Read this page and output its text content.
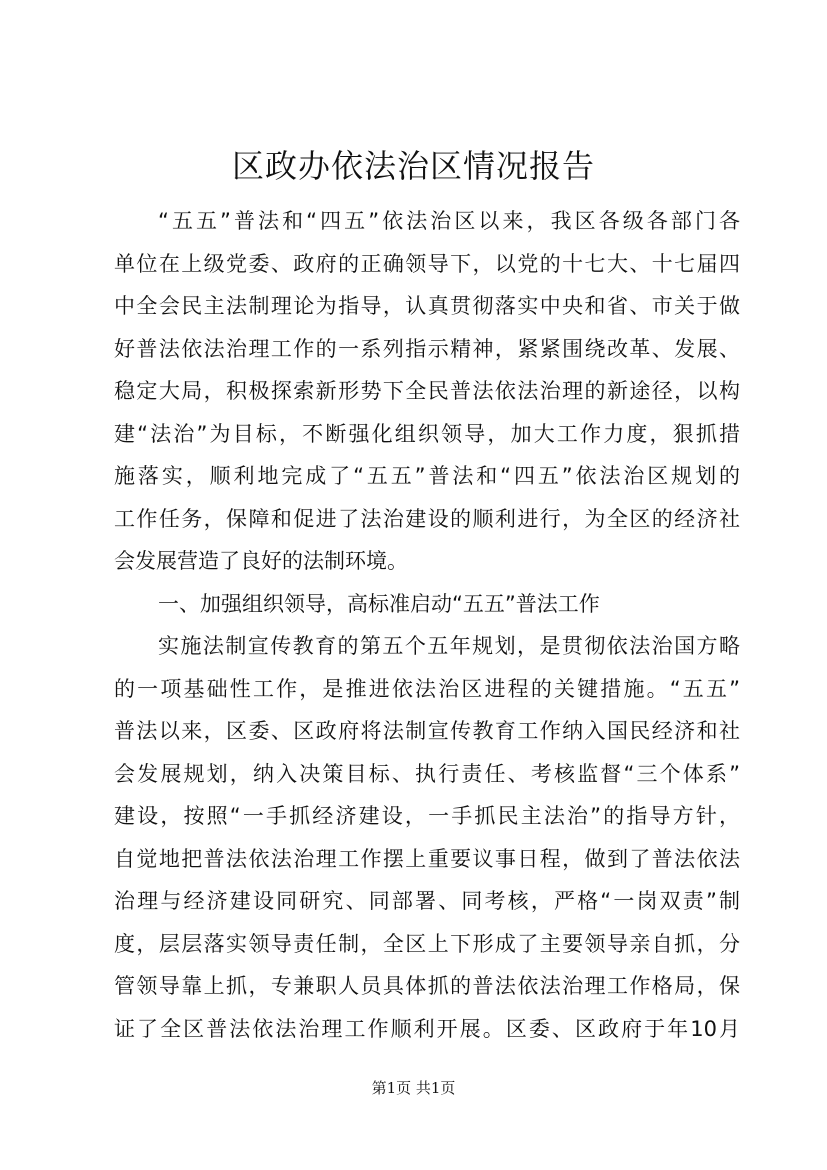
区政办依法治区情况报告
“五五”普法和“四五”依法治区以来，我区各级各部门各
单位在上级党委、政府的正确领导下，以党的十七大、十七届四
中全会民主法制理论为指导，认真贯彻落实中央和省、市关于做
好普法依法治理工作的一系列指示精神，紧紧围绕改革、发展、
稳定大局，积极探索新形势下全民普法依法治理的新途径，以构
建“法治”为目标，不断强化组织领导，加大工作力度，狠抓措
施落实，顺利地完成了“五五”普法和“四五”依法治区规划的
工作任务，保障和促进了法治建设的顺利进行，为全区的经济社
会发展营造了良好的法制环境。
一、加强组织领导，高标准启动“五五”普法工作
实施法制宣传教育的第五个五年规划，是贯彻依法治国方略
的一项基础性工作，是推进依法治区进程的关键措施。“五五”
普法以来，区委、区政府将法制宣传教育工作纳入国民经济和社
会发展规划，纳入决策目标、执行责任、考核监督“三个体系”
建设，按照“一手抓经济建设，一手抓民主法治”的指导方针，
自觉地把普法依法治理工作摆上重要议事日程，做到了普法依法
治理与经济建设同研究、同部署、同考核，严格“一岗双责”制
度，层层落实领导责任制，全区上下形成了主要领导亲自抓，分
管领导靠上抓，专兼职人员具体抓的普法依法治理工作格局，保
证了全区普法依法治理工作顺利开展。区委、区政府于年10月
第1页 共1页
